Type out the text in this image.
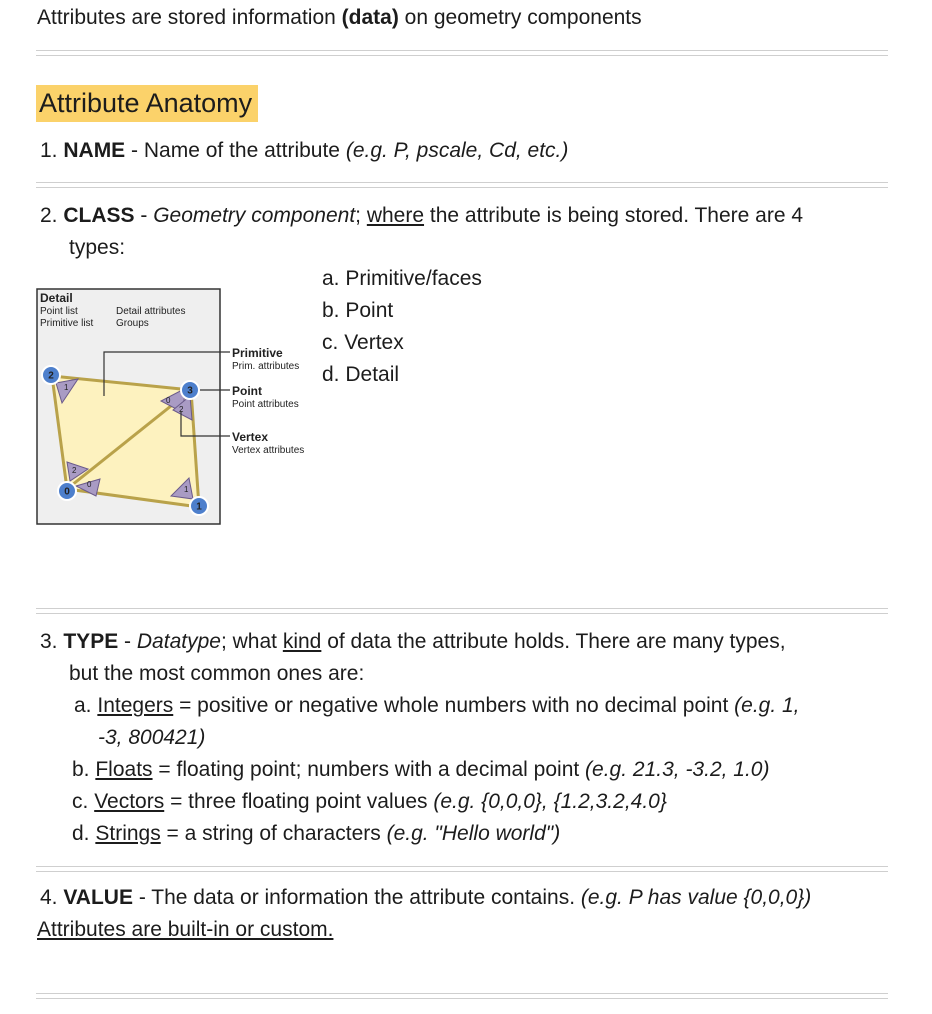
Attributes are stored information (data) on geometry components
Attribute Anatomy
1. NAME - Name of the attribute (e.g. P, pscale, Cd, etc.)
2. CLASS - Geometry component; where the attribute is being stored. There are 4
types:
a. Primitive/faces
b. Point
c. Vertex
d. Detail
1
0
2
2
0
1
2
3
0
1
Detail
Point list
Primitive list
Detail attributes
Groups
Primitive
Prim. attributes
Point
Point attributes
Vertex
Vertex attributes
3. TYPE - Datatype; what kind of data the attribute holds. There are many types,
but the most common ones are:
a. Integers = positive or negative whole numbers with no decimal point (e.g. 1,
-3, 800421)
b. Floats = floating point; numbers with a decimal point (e.g. 21.3, -3.2, 1.0)
c. Vectors = three floating point values (e.g. {0,0,0}, {1.2,3.2,4.0}
d. Strings = a string of characters (e.g. "Hello world")
4. VALUE - The data or information the attribute contains. (e.g. P has value {0,0,0})
Attributes are built-in or custom.
